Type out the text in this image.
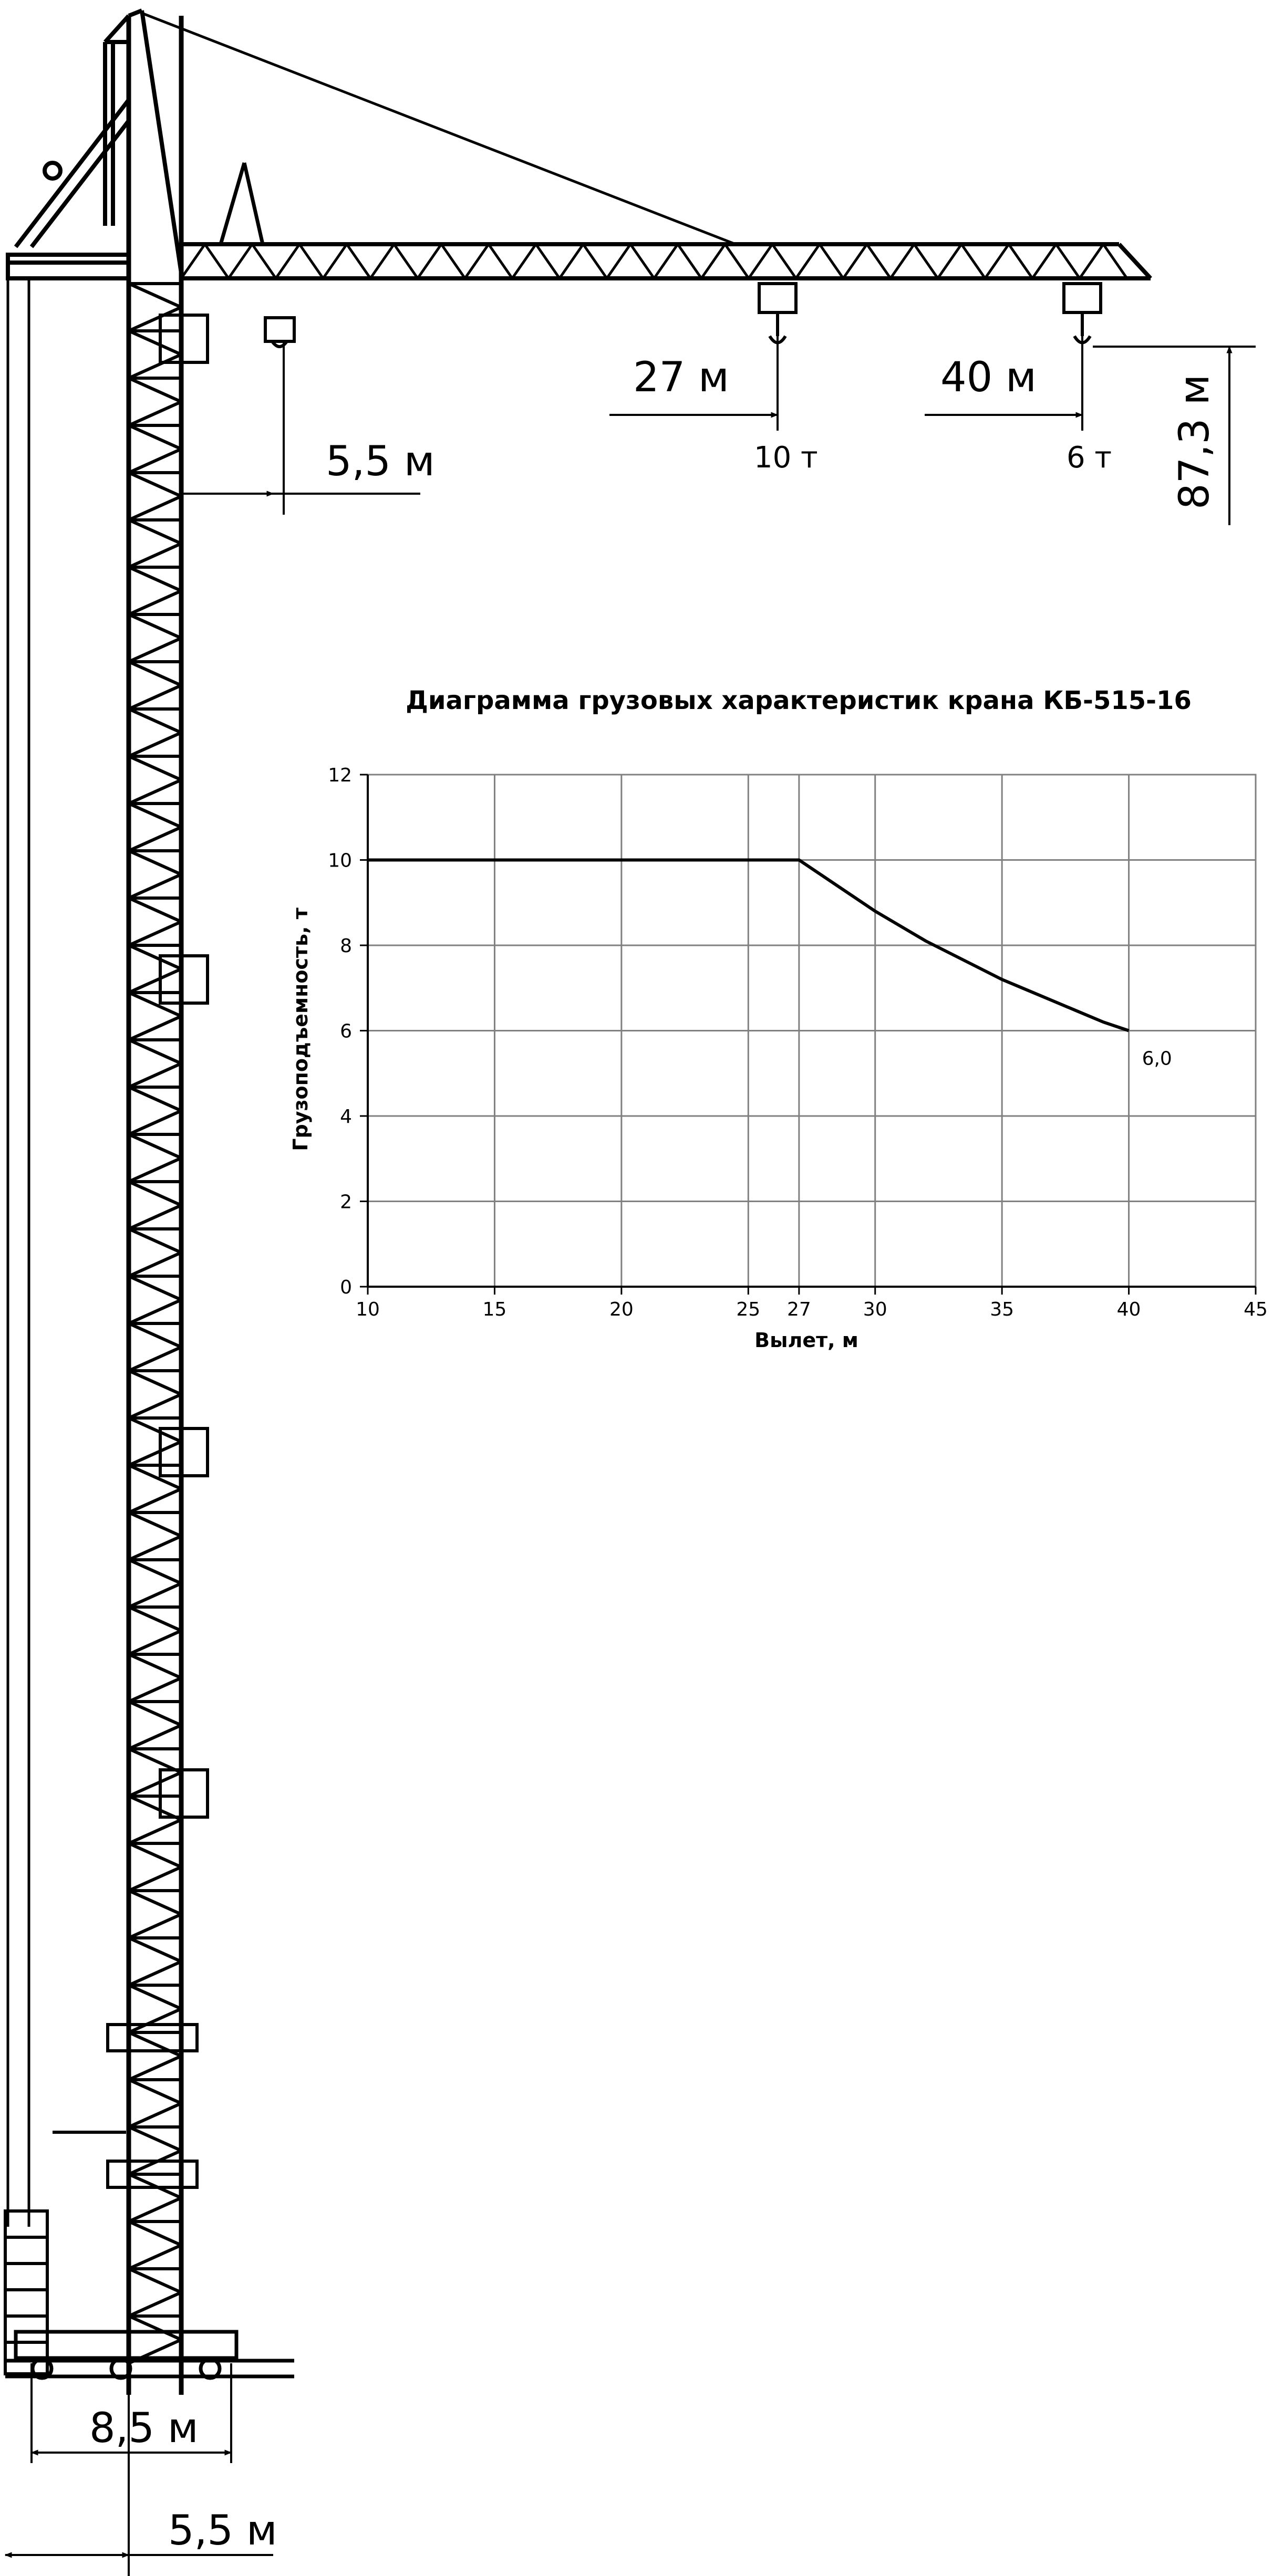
27 м	40 м
10 т	6 т
5,5 м	87,3 м
8,5 м
5,5 м
Диаграмма грузовых характеристик крана КБ-515-16
10	15	20	25 27	30	35	40	45
0
2
4
6
8
10
12
6,0
Вылет, м
Грузоподъемность, т
